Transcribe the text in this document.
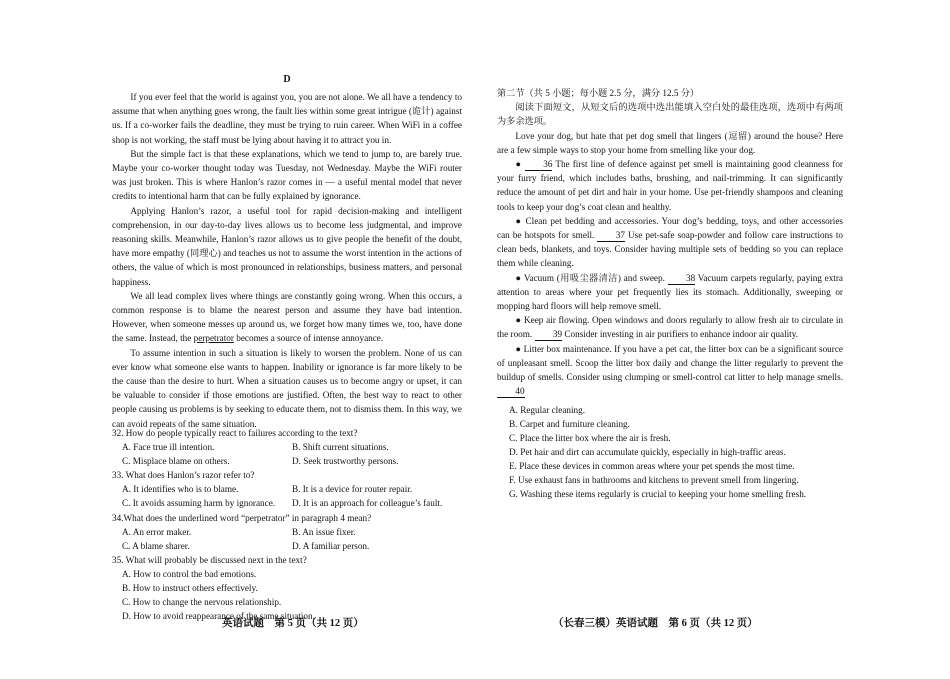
D

If you ever feel that the world is against you, you are not alone. We all have a tendency to assume that when anything goes wrong, the fault lies within some great intrigue (诡计) against us. If a co-worker fails the deadline, they must be trying to ruin career. When WiFi in a coffee shop is not working, the staff must be lying about having it to attract you in.

But the simple fact is that these explanations, which we tend to jump to, are barely true. Maybe your co-worker thought today was Tuesday, not Wednesday. Maybe the WiFi router was just broken. This is where Hanlon’s razor comes in — a useful mental model that never credits to intentional harm that can be fully explained by ignorance.

Applying Hanlon’s razor, a useful tool for rapid decision-making and intelligent comprehension, in our day-to-day lives allows us to become less judgmental, and improve reasoning skills. Meanwhile, Hanlon’s razor allows us to give people the benefit of the doubt, have more empathy (同理心) and teaches us not to assume the worst intention in the actions of others, the value of which is most pronounced in relationships, business matters, and personal happiness.

We all lead complex lives where things are constantly going wrong. When this occurs, a common response is to blame the nearest person and assume they have bad intention. However, when someone messes up around us, we forget how many times we, too, have done the same. Instead, the perpetrator becomes a source of intense annoyance.

To assume intention in such a situation is likely to worsen the problem. None of us can ever know what someone else wants to happen. Inability or ignorance is far more likely to be the cause than the desire to hurt. When a situation causes us to become angry or upset, it can be valuable to consider if those emotions are justified. Often, the best way to react to other people causing us problems is by seeking to educate them, not to dismiss them. In this way, we can avoid repeats of the same situation.

32. How do people typically react to failures according to the text?
A. Face true ill intention.	B. Shift current situations.
C. Misplace blame on others.	D. Seek trustworthy persons.
33. What does Hanlon’s razor refer to?
A. It identifies who is to blame.	B. It is a device for router repair.
C. It avoids assuming harm by ignorance.	D. It is an approach for colleague’s fault.
34.What does the underlined word “perpetrator” in paragraph 4 mean?
A. An error maker.	B. An issue fixer.
C. A blame sharer.	D. A familiar person.
35. What will probably be discussed next in the text?
A. How to control the bad emotions.
B. How to instruct others effectively.
C. How to change the nervous relationship.
D. How to avoid reappearance of the same situation.
英语试题　第 5 页（共 12 页）
第二节（共 5 小题；每小题 2.5 分，满分 12.5 分）

阅读下面短文，从短文后的选项中选出能填入空白处的最佳选项，选项中有两项为多余选项。

Love your dog, but hate that pet dog smell that lingers (逗留) around the house? Here are a few simple ways to stop your home from smelling like your dog.

● 36 The first line of defence against pet smell is maintaining good cleanness for your furry friend, which includes baths, brushing, and nail-trimming. It can significantly reduce the amount of pet dirt and hair in your home. Use pet-friendly shampoos and cleaning tools to keep your dog’s coat clean and healthy.

● Clean pet bedding and accessories. Your dog’s bedding, toys, and other accessories can be hotspots for smell. 37 Use pet-safe soap-powder and follow care instructions to clean beds, blankets, and toys. Consider having multiple sets of bedding so you can replace them while cleaning.

● Vacuum (用吸尘器清洁) and sweep. 38 Vacuum carpets regularly, paying extra attention to areas where your pet frequently lies its stomach. Additionally, sweeping or mopping hard floors will help remove smell.

● Keep air flowing. Open windows and doors regularly to allow fresh air to circulate in the room. 39 Consider investing in air purifiers to enhance indoor air quality.

● Litter box maintenance. If you have a pet cat, the litter box can be a significant source of unpleasant smell. Scoop the litter box daily and change the litter regularly to prevent the buildup of smells. Consider using clumping or smell-control cat litter to help manage smells. 40

A. Regular cleaning.
B. Carpet and furniture cleaning.
C. Place the litter box where the air is fresh.
D. Pet hair and dirt can accumulate quickly, especially in high-traffic areas.
E. Place these devices in common areas where your pet spends the most time.
F. Use exhaust fans in bathrooms and kitchens to prevent smell from lingering.
G. Washing these items regularly is crucial to keeping your home smelling fresh.
（长春三模）英语试题　第 6 页（共 12 页）
